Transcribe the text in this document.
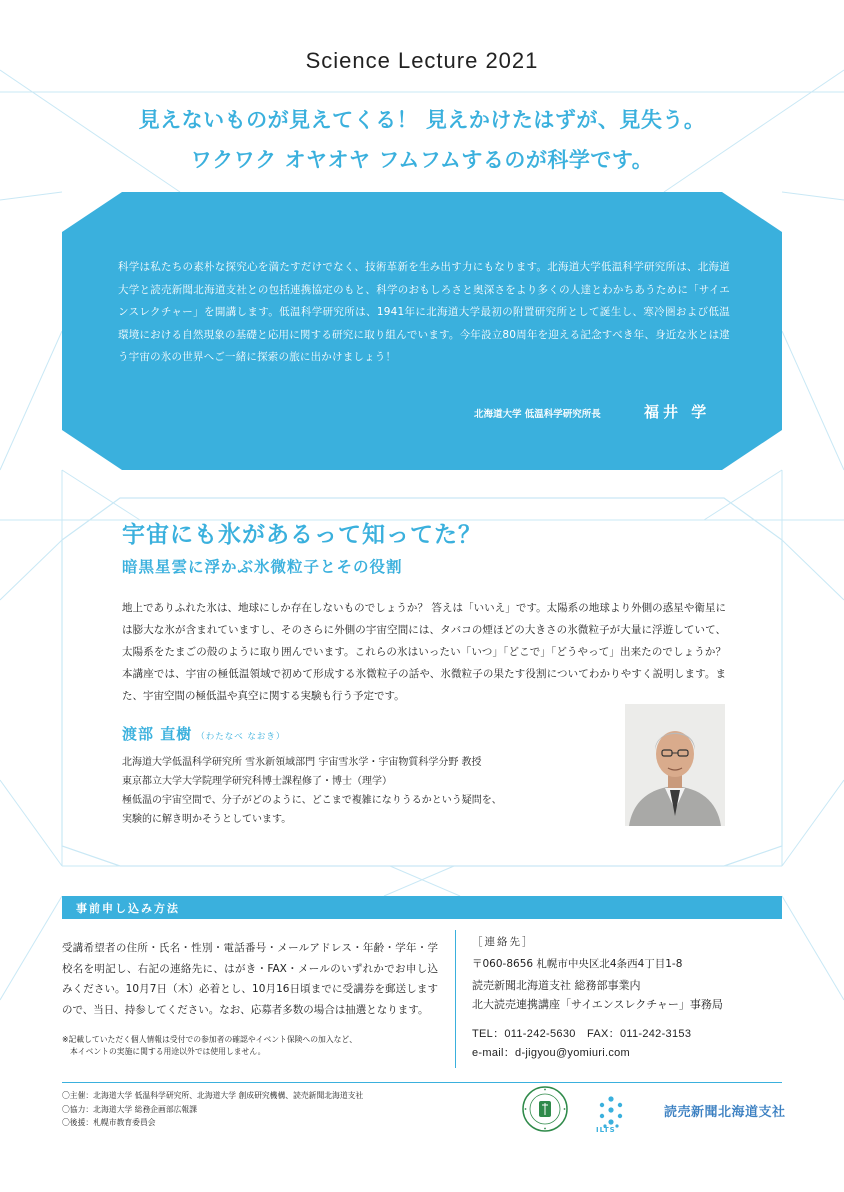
Science Lecture 2021
見えないものが見えてくる！ 見えかけたはずが、見失う。
ワクワク オヤオヤ フムフムするのが科学です。
科学は私たちの素朴な探究心を満たすだけでなく、技術革新を生み出す力にもなります。北海道大学低温科学研究所は、北海道大学と読売新聞北海道支社との包括連携協定のもと、科学のおもしろさと奥深さをより多くの人達とわかちあうために「サイエンスレクチャー」を開講します。低温科学研究所は、1941年に北海道大学最初の附置研究所として誕生し、寒冷圏および低温環境における自然現象の基礎と応用に関する研究に取り組んでいます。今年設立80周年を迎える記念すべき年、身近な氷とは違う宇宙の氷の世界へご一緒に探索の旅に出かけましょう！
北海道大学 低温科学研究所長	福井 学
宇宙にも氷があるって知ってた？
暗黒星雲に浮かぶ氷微粒子とその役割
地上でありふれた氷は、地球にしか存在しないものでしょうか？ 答えは「いいえ」です。太陽系の地球より外側の惑星や衛星には膨大な氷が含まれていますし、そのさらに外側の宇宙空間には、タバコの煙ほどの大きさの氷微粒子が大量に浮遊していて、太陽系をたまごの殻のように取り囲んでいます。これらの氷はいったい「いつ」「どこで」「どうやって」出来たのでしょうか？ 本講座では、宇宙の極低温領域で初めて形成する氷微粒子の話や、氷微粒子の果たす役割についてわかりやすく説明します。また、宇宙空間の極低温や真空に関する実験も行う予定です。
渡部 直樹 （わたなべ なおき）
北海道大学低温科学研究所 雪氷新領域部門 宇宙雪氷学・宇宙物質科学分野 教授
東京都立大学大学院理学研究科博士課程修了・博士（理学）
極低温の宇宙空間で、分子がどのように、どこまで複雑になりうるかという疑問を、
実験的に解き明かそうとしています。
事前申し込み方法
受講希望者の住所・氏名・性別・電話番号・メールアドレス・年齢・学年・学校名を明記し、右記の連絡先に、はがき・FAX・メールのいずれかでお申し込みください。10月7日（木）必着とし、10月16日頃までに受講券を郵送しますので、当日、持参してください。なお、応募者多数の場合は抽選となります。
※記載していただく個人情報は受付での参加者の確認やイベント保険への加入など、
本イベントの実施に関する用途以外では使用しません。
［連絡先］
〒060-8656 札幌市中央区北4条西4丁目1-8
読売新聞北海道支社 総務部事業内
北大読売連携講座「サイエンスレクチャー」事務局
TEL：011-242-5630　FAX：011-242-3153
e-mail：d-jigyou@yomiuri.com
〇主催：北海道大学 低温科学研究所、北海道大学 創成研究機構、読売新聞北海道支社
〇協力：北海道大学 総務企画部広報課
〇後援：札幌市教育委員会
ILTS
読売新聞北海道支社
